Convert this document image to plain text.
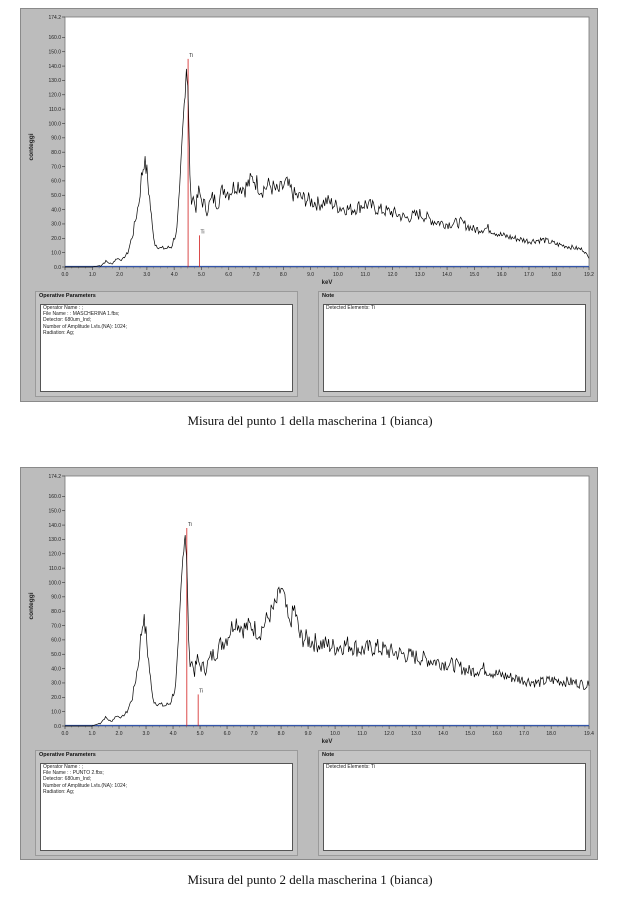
0.0
10.0
20.0
30.0
40.0
50.0
60.0
70.0
80.0
90.0
100.0
110.0
120.0
130.0
140.0
150.0
160.0
174.2
conteggi
0.0	1.0	2.0	3.0	4.0	5.0	6.0	7.0	8.0	9.0	10.0	11.0	12.0	13.0	14.0	15.0	16.0	17.0	18.0	19.2
keV
Ti
Ti
Operative Parameters
Operator Name : ;
File Name : : MASCHERINA 1.fbs;
Detector: 680um_Ind;
Number of Amplitude Lvls.(NA): 1024;
Radiation: Ag;
Note
Detected Elements: Ti
Misura del punto 1 della mascherina 1 (bianca)
0.0
10.0
20.0
30.0
40.0
50.0
60.0
70.0
80.0
90.0
100.0
110.0
120.0
130.0
140.0
150.0
160.0
174.2
conteggi
0.0	1.0	2.0	3.0	4.0	5.0	6.0	7.0	8.0	9.0	10.0	11.0	12.0	13.0	14.0	15.0	16.0	17.0	18.0	19.4
keV
Ti
Ti
Operative Parameters
Operator Name : ;
File Name : : PUNTO 2.fbs;
Detector: 680um_Ind;
Number of Amplitude Lvls.(NA): 1024;
Radiation: Ag;
Note
Detected Elements: Ti
Misura del punto 2 della mascherina 1 (bianca)
